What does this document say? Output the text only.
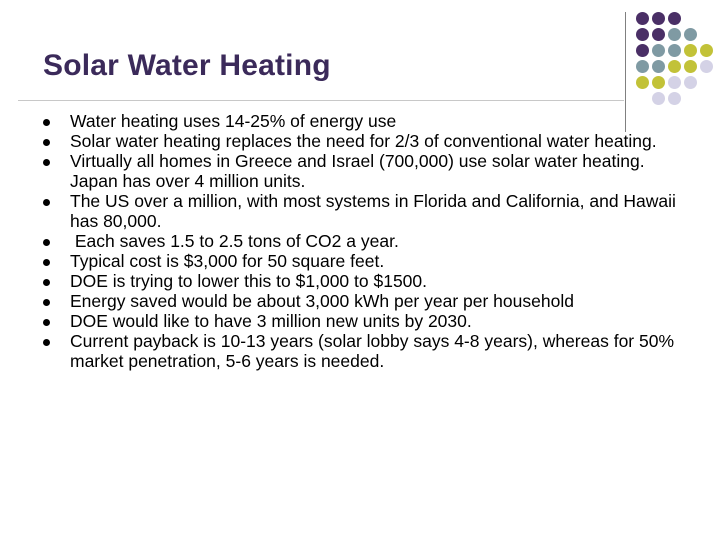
Solar Water Heating
Water heating uses 14-25% of energy use
Solar water heating replaces the need for 2/3 of conventional water heating.
Virtually all homes in Greece and Israel (700,000) use solar water heating. Japan has over 4 million units.
The US over a million, with most systems in Florida and California, and Hawaii has 80,000.
Each saves 1.5 to 2.5 tons of CO2 a year.
Typical cost is $3,000 for 50 square feet.
DOE is trying to lower this to $1,000 to $1500.
Energy saved would be about 3,000 kWh per year per household
DOE would like to have 3 million new units by 2030.
Current payback is 10-13 years (solar lobby says 4-8 years), whereas for 50% market penetration, 5-6 years is needed.
